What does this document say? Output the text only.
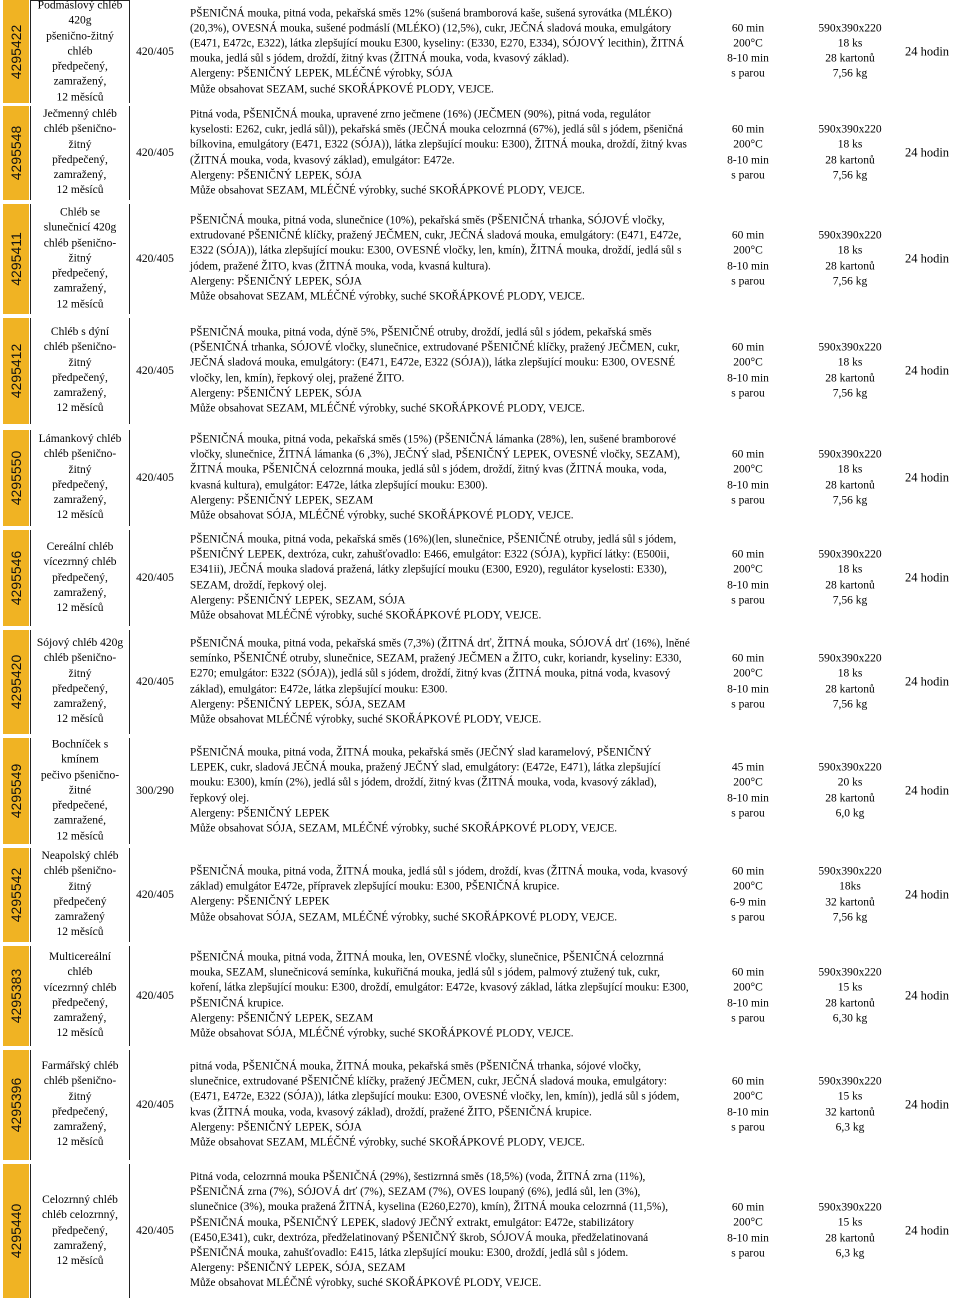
4295422
Podmáslový chléb
420g
pšenično-žitný
chléb
předpečený,
zamražený,
12 měsíců
420/405
PŠENIČNÁ mouka, pitná voda, pekařská směs 12% (sušená bramborová kaše, sušená syrovátka (MLÉKO) (20,3%), OVESNÁ mouka, sušené podmáslí (MLÉKO) (12,5%), cukr, JEČNÁ sladová mouka, emulgátory (E471, E472c, E322), látka zlepšující mouku E300, kyseliny: (E330, E270, E334), SÓJOVÝ lecithin), ŽITNÁ mouka, jedlá sůl s jódem, droždí, žitný kvas (ŽITNÁ mouka, voda, kvasový základ).
Alergeny: PŠENIČNÝ LEPEK, MLÉČNÉ výrobky, SÓJA
Může obsahovat SEZAM, suché SKOŘÁPKOVÉ PLODY, VEJCE.
60 min
200°C
8-10 min
s parou
590x390x220
18 ks
28 kartonů
7,56 kg
24 hodin
4295548
Ječmenný chléb
chléb pšenično-
žitný
předpečený,
zamražený,
12 měsíců
420/405
Pitná voda, PŠENIČNÁ mouka, upravené zrno ječmene (16%) (JEČMEN (90%), pitná voda, regulátor kyselosti: E262, cukr, jedlá sůl)), pekařská směs (JEČNÁ mouka celozrnná (67%), jedlá sůl s jódem, pšeničná bílkovina, emulgátory (E471, E322 (SÓJA)), látka zlepšující mouku: E300), ŽITNÁ mouka, droždí, žitný kvas (ŽITNÁ mouka, voda, kvasový základ), emulgátor: E472e.
Alergeny: PŠENIČNÝ LEPEK, SÓJA
Může obsahovat SEZAM, MLÉČNÉ výrobky, suché SKOŘÁPKOVÉ PLODY, VEJCE.
60 min
200°C
8-10 min
s parou
590x390x220
18 ks
28 kartonů
7,56 kg
24 hodin
4295411
Chléb se
slunečnicí 420g
chléb pšenično-
žitný
předpečený,
zamražený,
12 měsíců
420/405
PŠENIČNÁ mouka, pitná voda, slunečnice (10%), pekařská směs (PŠENIČNÁ trhanka, SÓJOVÉ vločky, extrudované PŠENIČNÉ klíčky, pražený JEČMEN, cukr, JEČNÁ sladová mouka, emulgátory: (E471, E472e, E322 (SÓJA)), látka zlepšující mouku: E300, OVESNÉ vločky, len, kmín), ŽITNÁ mouka, droždí, jedlá sůl s jódem, pražené ŽITO, kvas (ŽITNÁ mouka, voda, kvasná kultura).
Alergeny: PŠENIČNÝ LEPEK, SÓJA
Může obsahovat SEZAM, MLÉČNÉ výrobky, suché SKOŘÁPKOVÉ PLODY, VEJCE.
60 min
200°C
8-10 min
s parou
590x390x220
18 ks
28 kartonů
7,56 kg
24 hodin
4295412
Chléb s dýní
chléb pšenično-
žitný
předpečený,
zamražený,
12 měsíců
420/405
PŠENIČNÁ mouka, pitná voda, dýně 5%, PŠENIČNÉ otruby, droždí, jedlá sůl s jódem, pekařská směs (PŠENIČNÁ trhanka, SÓJOVÉ vločky, slunečnice, extrudované PŠENIČNÉ klíčky, pražený JEČMEN, cukr, JEČNÁ sladová mouka, emulgátory: (E471, E472e, E322 (SÓJA)), látka zlepšující mouku: E300, OVESNÉ vločky, len, kmín), řepkový olej, pražené ŽITO.
Alergeny: PŠENIČNÝ LEPEK, SÓJA
Může obsahovat SEZAM, MLÉČNÉ výrobky, suché SKOŘÁPKOVÉ PLODY, VEJCE.
60 min
200°C
8-10 min
s parou
590x390x220
18 ks
28 kartonů
7,56 kg
24 hodin
4295550
Lámankový chléb
chléb pšenično-
žitný
předpečený,
zamražený,
12 měsíců
420/405
PŠENIČNÁ mouka, pitná voda, pekařská směs (15%) (PŠENIČNÁ lámanka (28%), len, sušené bramborové vločky, slunečnice, ŽITNÁ lámanka (6 ,3%), JEČNÝ slad, PŠENIČNÝ LEPEK, OVESNÉ vločky, SEZAM), ŽITNÁ mouka, PŠENIČNÁ celozrnná mouka, jedlá sůl s jódem, droždí, žitný kvas (ŽITNÁ mouka, voda, kvasná kultura), emulgátor: E472e, látka zlepšující mouku: E300).
Alergeny: PŠENIČNÝ LEPEK, SEZAM
Může obsahovat SÓJA, MLÉČNÉ výrobky, suché SKOŘÁPKOVÉ PLODY, VEJCE.
60 min
200°C
8-10 min
s parou
590x390x220
18 ks
28 kartonů
7,56 kg
24 hodin
4295546
Cereální chléb
vícezrnný chléb
předpečený,
zamražený,
12 měsíců
420/405
PŠENIČNÁ mouka, pitná voda, pekařská směs (16%)(len, slunečnice, PŠENIČNÉ otruby, jedlá sůl s jódem, PŠENIČNÝ LEPEK, dextróza, cukr, zahušťovadlo: E466, emulgátor: E322 (SÓJA), kypřicí látky: (E500ii, E341ii), JEČNÁ mouka sladová pražená, látky zlepšující mouku (E300, E920), regulátor kyselosti: E330), SEZAM, droždí, řepkový olej.
Alergeny: PŠENIČNÝ LEPEK, SEZAM, SÓJA
Může obsahovat MLÉČNÉ výrobky, suché SKOŘÁPKOVÉ PLODY, VEJCE.
60 min
200°C
8-10 min
s parou
590x390x220
18 ks
28 kartonů
7,56 kg
24 hodin
4295420
Sójový chléb 420g
chléb pšenično-
žitný
předpečený,
zamražený,
12 měsíců
420/405
PŠENIČNÁ mouka, pitná voda, pekařská směs (7,3%) (ŽITNÁ drť, ŽITNÁ mouka, SÓJOVÁ drť (16%), lněné semínko, PŠENIČNÉ otruby, slunečnice, SEZAM, pražený JEČMEN a ŽITO, cukr, koriandr, kyseliny: E330, E270; emulgátor: E322 (SÓJA)), jedlá sůl s jódem, droždí, žitný kvas (ŽITNÁ mouka, pitná voda, kvasový základ), emulgátor: E472e, látka zlepšující mouku: E300.
Alergeny: PŠENIČNÝ LEPEK, SÓJA, SEZAM
Může obsahovat MLÉČNÉ výrobky, suché SKOŘÁPKOVÉ PLODY, VEJCE.
60 min
200°C
8-10 min
s parou
590x390x220
18 ks
28 kartonů
7,56 kg
24 hodin
4295549
Bochníček s
kmínem
pečivo pšenično-
žitné
předpečené,
zamražené,
12 měsíců
300/290
PŠENIČNÁ mouka, pitná voda, ŽITNÁ mouka, pekařská směs (JEČNÝ slad karamelový, PŠENIČNÝ LEPEK, cukr, sladová JEČNÁ mouka, pražený JEČNÝ slad, emulgátory: (E472e, E471), látka zlepšující mouku: E300), kmín (2%), jedlá sůl s jódem, droždí, žitný kvas (ŽITNÁ mouka, voda, kvasový základ), řepkový olej.
Alergeny: PŠENIČNÝ LEPEK
Může obsahovat SÓJA, SEZAM, MLÉČNÉ výrobky, suché SKOŘÁPKOVÉ PLODY, VEJCE.
45 min
200°C
8-10 min
s parou
590x390x220
20 ks
28 kartonů
6,0 kg
24 hodin
4295542
Neapolský chléb
chléb pšenično-
žitný
předpečený
zamražený
12 měsíců
420/405
PŠENIČNÁ mouka, pitná voda, ŽITNÁ mouka, jedlá sůl s jódem, droždí, kvas (ŽITNÁ mouka, voda, kvasový základ) emulgátor E472e, přípravek zlepšující mouku: E300, PŠENIČNÁ krupice.
Alergeny: PŠENIČNÝ LEPEK
Může obsahovat SÓJA, SEZAM, MLÉČNÉ výrobky, suché SKOŘÁPKOVÉ PLODY, VEJCE.
60 min
200°C
6-9 min
s parou
590x390x220
18ks
32 kartonů
7,56 kg
24 hodin
4295383
Multicereální
chléb
vícezrnný chléb
předpečený,
zamražený,
12 měsíců
420/405
PŠENIČNÁ mouka, pitná voda, ŽITNÁ mouka, len, OVESNÉ vločky, slunečnice, PŠENIČNÁ celozrnná mouka, SEZAM, slunečnicová semínka, kukuřičná mouka, jedlá sůl s jódem, palmový ztužený tuk, cukr, koření, látka zlepšující mouku: E300, droždí, emulgátor: E472e, kvasový základ, látka zlepšující mouku: E300, PŠENIČNÁ krupice.
Alergeny: PŠENIČNÝ LEPEK, SEZAM
Může obsahovat SÓJA, MLÉČNÉ výrobky, suché SKOŘÁPKOVÉ PLODY, VEJCE.
60 min
200°C
8-10 min
s parou
590x390x220
15 ks
28 kartonů
6,30 kg
24 hodin
4295396
Farmářský chléb
chléb pšenično-
žitný
předpečený,
zamražený,
12 měsíců
420/405
pitná voda, PŠENIČNÁ mouka, ŽITNÁ mouka, pekařská směs (PŠENIČNÁ trhanka, sójové vločky, slunečnice, extrudované PŠENIČNÉ klíčky, pražený JEČMEN, cukr, JEČNÁ sladová mouka, emulgátory: (E471, E472e, E322 (SÓJA)), látka zlepšující mouku: E300, OVESNÉ vločky, len, kmín)), jedlá sůl s jódem, kvas (ŽITNÁ mouka, voda, kvasový základ), droždí, pražené ŽITO, PŠENIČNÁ krupice.
Alergeny: PŠENIČNÝ LEPEK, SÓJA
Může obsahovat SEZAM, MLÉČNÉ výrobky, suché SKOŘÁPKOVÉ PLODY, VEJCE.
60 min
200°C
8-10 min
s parou
590x390x220
15 ks
32 kartonů
6,3 kg
24 hodin
4295440
Celozrnný chléb
chléb celozrnný,
předpečený,
zamražený,
12 měsíců
420/405
Pitná voda, celozrnná mouka PŠENIČNÁ (29%), šestizrnná směs (18,5%) (voda, ŽITNÁ zrna (11%), PŠENIČNÁ zrna (7%), SÓJOVÁ drť (7%), SEZAM (7%), OVES loupaný (6%), jedlá sůl, len (3%), slunečnice (3%), mouka pražená ŽITNÁ, kyselina (E260,E270), kmín), ŽITNÁ mouka celozrnná (11,5%), PŠENIČNÁ mouka, PŠENIČNÝ LEPEK, sladový JEČNÝ extrakt, emulgátor: E472e, stabilizátory (E450,E341), cukr, dextróza, předželatinovaný PŠENIČNÝ škrob, SÓJOVÁ mouka, předželatinovaná PŠENIČNÁ mouka, zahušťovadlo: E415, látka zlepšující mouku: E300, droždí, jedlá sůl s jódem.
Alergeny: PŠENIČNÝ LEPEK, SÓJA, SEZAM
Může obsahovat MLÉČNÉ výrobky, suché SKOŘÁPKOVÉ PLODY, VEJCE.
60 min
200°C
8-10 min
s parou
590x390x220
15 ks
28 kartonů
6,3 kg
24 hodin
